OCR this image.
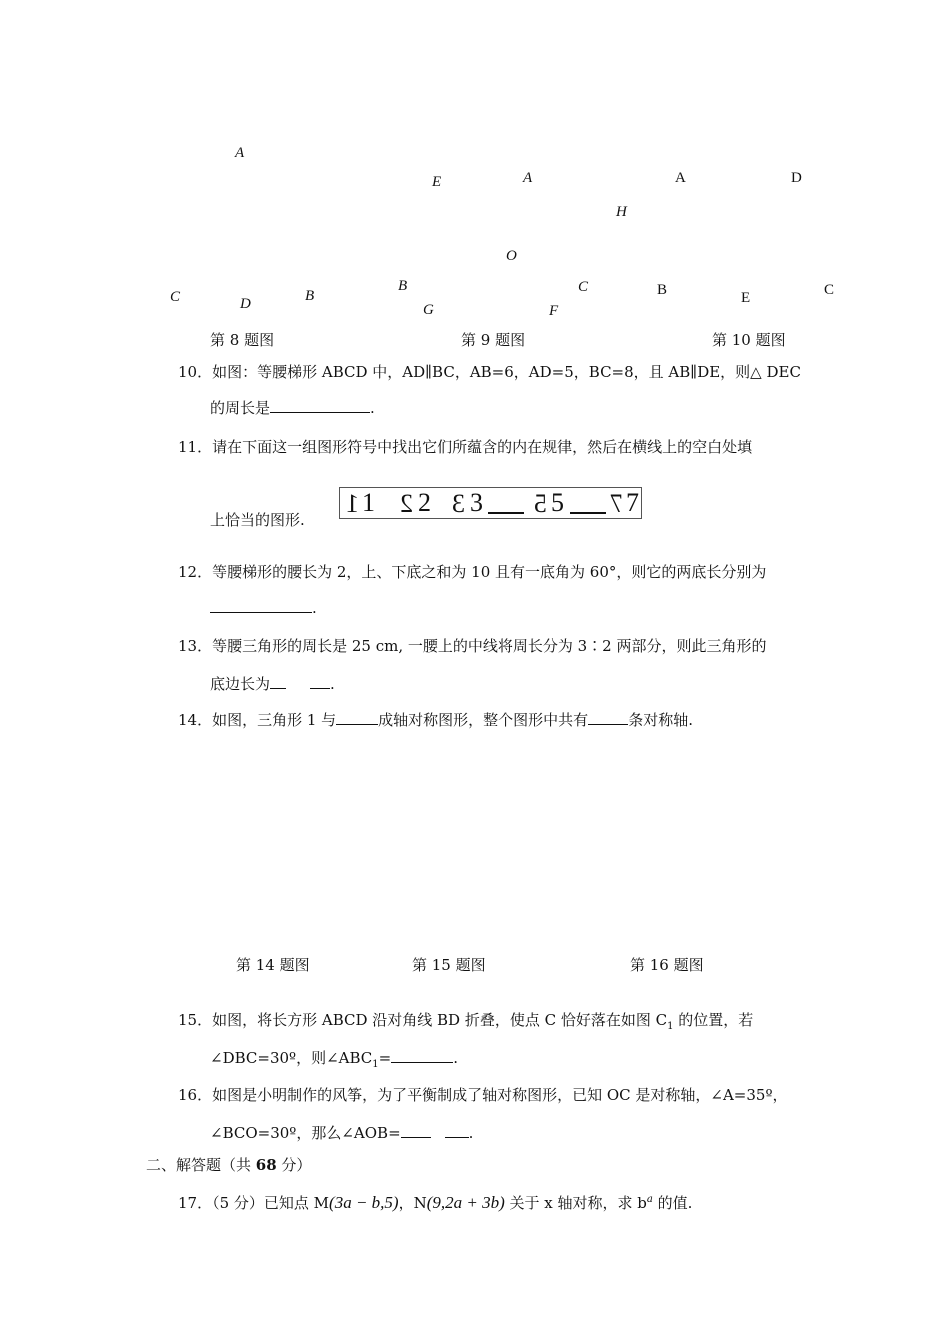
A
C	D	B
E	A
H
O
B
G
C
F
A	D
B	E	C
第 8 题图	第 9 题图	第 10 题图
10．如图：等腰梯形 ABCD 中，AD∥BC，AB=6，AD=5，BC=8，且 AB∥DE，则△ DEC
的周长是	.
11．请在下面这一组图形符号中找出它们所蕴含的内在规律，然后在横线上的空白处填
上恰当的图形.
1 1 2 2 3 3 5 5 7 7
12．等腰梯形的腰长为 2，上、下底之和为 10 且有一底角为 60°，则它的两底长分别为
.
13．等腰三角形的周长是 25 cm, 一腰上的中线将周长分为 3∶2 两部分，则此三角形的
底边长为	.
14．如图，三角形 1 与	成轴对称图形，整个图形中共有	条对称轴.
第 14 题图	第 15 题图	第 16 题图
15．如图，将长方形 ABCD 沿对角线 BD 折叠，使点 C 恰好落在如图 $C_1$ 的位置，若
∠DBC=30º，则$\angle ABC_1=$	.
16．如图是小明制作的风筝，为了平衡制成了轴对称图形，已知 OC 是对称轴，∠A=35º，
∠BCO=30º，那么∠AOB=	.
二、解答题（共 68 分）
17．（5 分）已知点 M(3a − b,5)，N(9,2a + 3b) 关于 x 轴对称，求 $b^a$ 的值.
